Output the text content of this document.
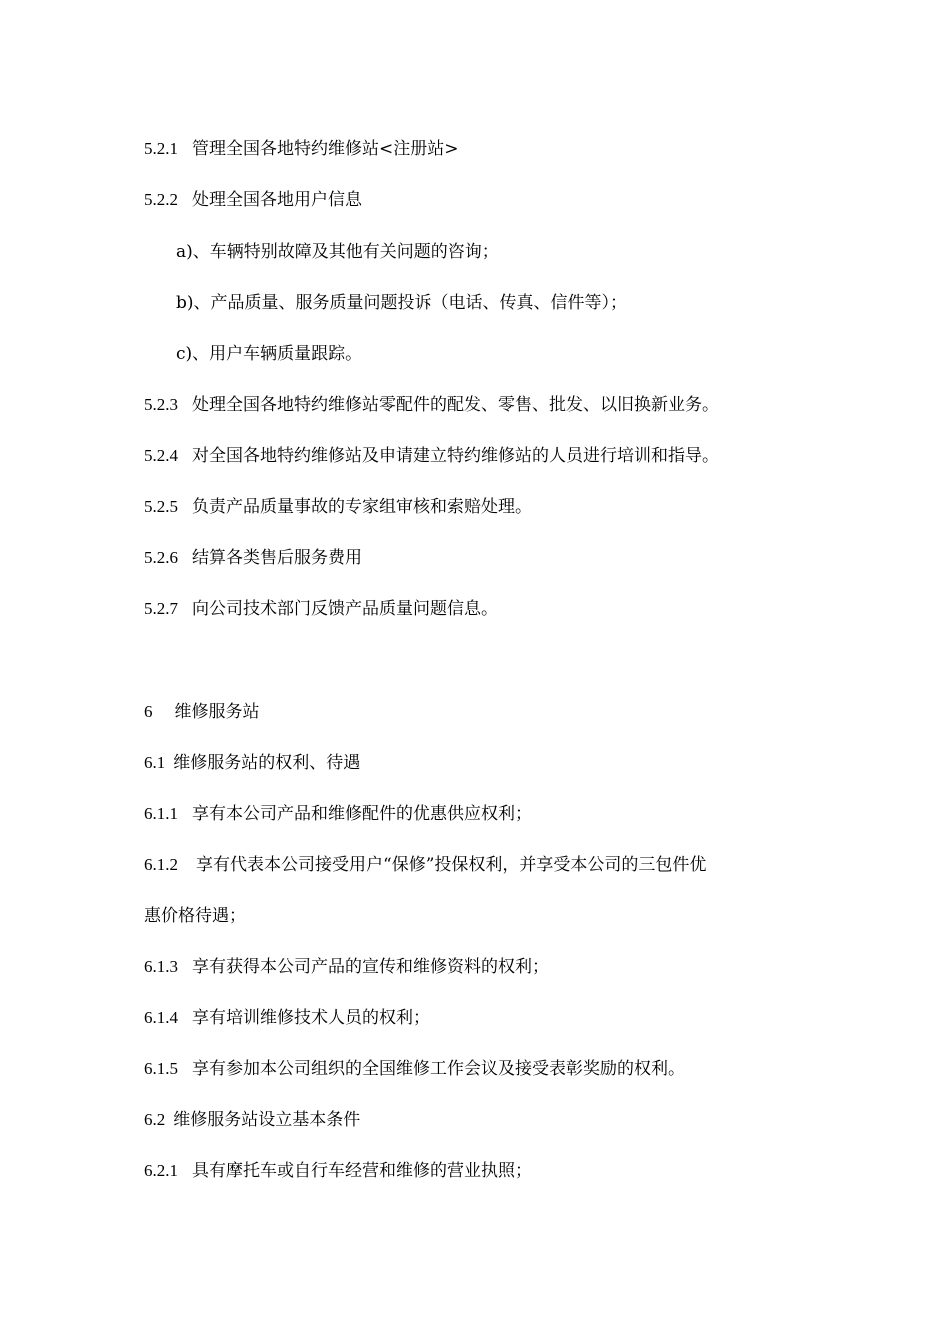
5.2.1 管理全国各地特约维修站<注册站>
5.2.2 处理全国各地用户信息
a)、车辆特别故障及其他有关问题的咨询；
b)、产品质量、服务质量问题投诉（电话、传真、信件等）；
c)、用户车辆质量跟踪。
5.2.3 处理全国各地特约维修站零配件的配发、零售、批发、以旧换新业务。
5.2.4 对全国各地特约维修站及申请建立特约维修站的人员进行培训和指导。
5.2.5 负责产品质量事故的专家组审核和索赔处理。
5.2.6 结算各类售后服务费用
5.2.7 向公司技术部门反馈产品质量问题信息。
6 维修服务站
6.1 维修服务站的权利、待遇
6.1.1 享有本公司产品和维修配件的优惠供应权利；
6.1.2 享有代表本公司接受用户“保修”投保权利，并享受本公司的三包件优
惠价格待遇；
6.1.3 享有获得本公司产品的宣传和维修资料的权利；
6.1.4 享有培训维修技术人员的权利；
6.1.5 享有参加本公司组织的全国维修工作会议及接受表彰奖励的权利。
6.2 维修服务站设立基本条件
6.2.1 具有摩托车或自行车经营和维修的营业执照；
